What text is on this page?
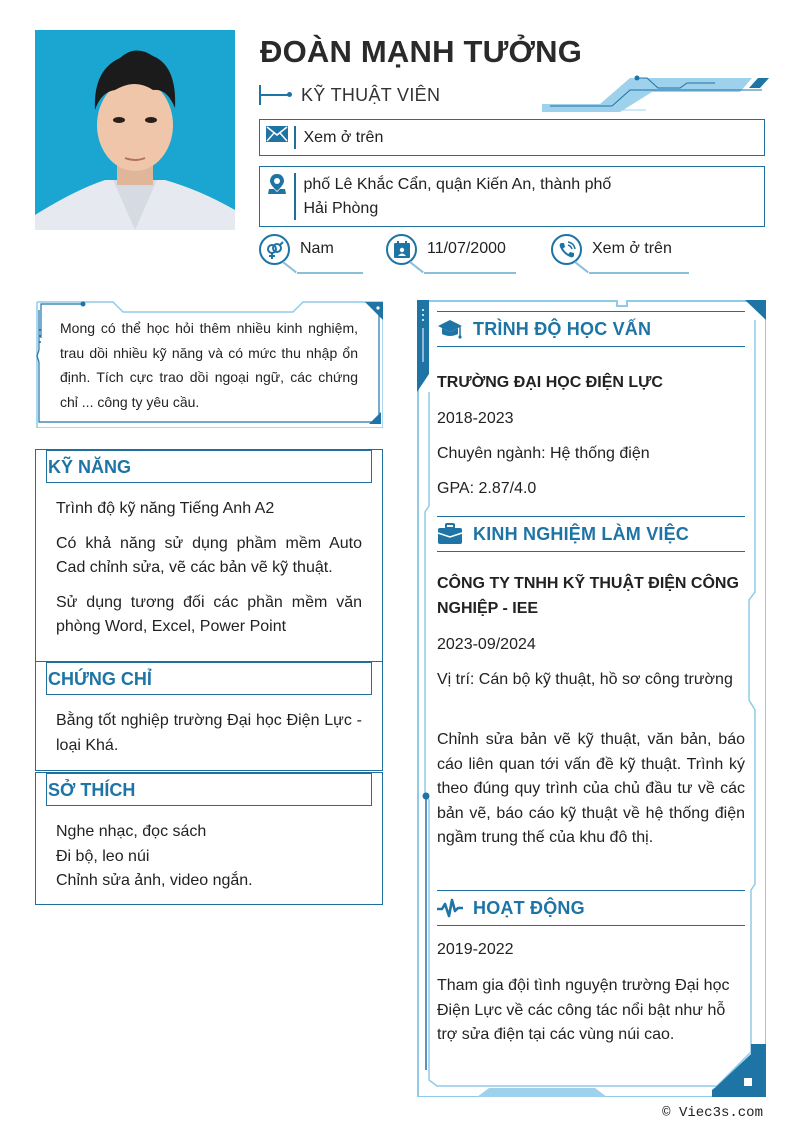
ĐOÀN MẠNH TƯỞNG
KỸ THUẬT VIÊN
Xem ở trên
phố Lê Khắc Cẩn, quận Kiến An, thành phố Hải Phòng
Nam	11/07/2000	Xem ở trên
Mong có thể học hỏi thêm nhiều kinh nghiệm, trau dồi nhiều kỹ năng và có mức thu nhập ổn định. Tích cực trao dồi ngoại ngữ, các chứng chỉ ... công ty yêu cầu.
KỸ NĂNG

Trình độ kỹ năng Tiếng Anh A2

Có khả năng sử dụng phầm mềm Auto Cad chỉnh sửa, vẽ các bản vẽ kỹ thuật.

Sử dụng tương đối các phần mềm văn phòng Word, Excel, Power Point

CHỨNG CHỈ

Bằng tốt nghiệp trường Đại học Điện Lực - loại Khá.

SỞ THÍCH

Nghe nhạc, đọc sách

Đi bộ, leo núi

Chỉnh sửa ảnh, video ngắn.

TRÌNH ĐỘ HỌC VẤN
TRƯỜNG ĐẠI HỌC ĐIỆN LỰC
2018-2023
Chuyên ngành: Hệ thống điện
GPA: 2.87/4.0
KINH NGHIỆM LÀM VIỆC
CÔNG TY TNHH KỸ THUẬT ĐIỆN CÔNG NGHIỆP - IEE
2023-09/2024
Vị trí: Cán bộ kỹ thuật, hồ sơ công trường
Chỉnh sửa bản vẽ kỹ thuật, văn bản, báo cáo liên quan tới vấn đề kỹ thuật. Trình ký theo đúng quy trình của chủ đầu tư về các bản vẽ, báo cáo kỹ thuật về hệ thống điện ngầm trung thế của khu đô thị.
HOẠT ĐỘNG
2019-2022
Tham gia đội tình nguyện trường Đại học Điện Lực về các công tác nổi bật như hỗ trợ sửa điện tại các vùng núi cao.
© Viec3s.com
